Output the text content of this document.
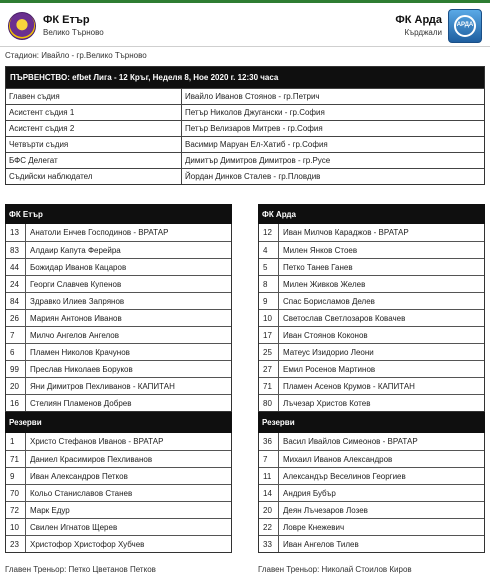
ФК Етър
Велико Търново
ФК Арда
Кърджали
АРДА
Стадион: Ивайло - гр.Велико Търново
ПЪРВЕНСТВО: efbet Лига - 12 Кръг, Неделя 8, Ное 2020 г. 12:30 часа
Главен съдия	Ивайло Иванов Стоянов - гр.Петрич
Асистент съдия 1	Петър Николов Джугански - гр.София
Асистент съдия 2	Петър Велизаров Митрев - гр.София
Четвърти съдия	Васимир Маруан Ел-Хатиб - гр.София
БФС Делегат	Димитър Димитров Димитров - гр.Русе
Съдийски наблюдател	Йордан Динков Сталев - гр.Пловдив
ФК Етър
13	Анатоли Енчев Господинов - ВРАТАР
83	Алдаир Капута Ферейра
44	Божидар Иванов Кацаров
24	Георги Славчев Купенов
84	Здравко Илиев Запрянов
26	Мариян Антонов Иванов
7	Милчо Ангелов Ангелов
6	Пламен Николов Крачунов
99	Преслав Николаев Боруков
20	Яни Димитров Пехливанов - КАПИТАН
16	Стелиян Пламенов Добрев
Резерви
1	Христо Стефанов Иванов - ВРАТАР
71	Даниел Красимиров Пехливанов
9	Иван Александров Петков
70	Кольо Станиславов Станев
72	Марк Едур
10	Свилен Игнатов Щерев
23	Христофор Христофор Хубчев
ФК Арда
12	Иван Милчов Караджов - ВРАТАР
4	Милен Янков Стоев
5	Петко Танев Ганев
8	Милен Живков Желев
9	Спас Борисламов Делев
10	Светослав Светлозаров Ковачев
17	Иван Стоянов Кокoнов
25	Матеус Изидорио Леони
27	Емил Росенов Мартинов
71	Пламен Асенов Крумов - КАПИТАН
80	Лъчезар Христов Котев
Резерви
36	Васил Ивайлов Симеонов - ВРАТАР
7	Михаил Иванов Александров
11	Александър Веселинов Георгиев
14	Андрия Бубър
20	Деян Лъчезаров Лозев
22	Ловре Кнежевич
33	Иван Ангелов Тилев
Главен Треньор: Петко Цветанов Петков	Главен Треньор: Николай Стоилов Киров
